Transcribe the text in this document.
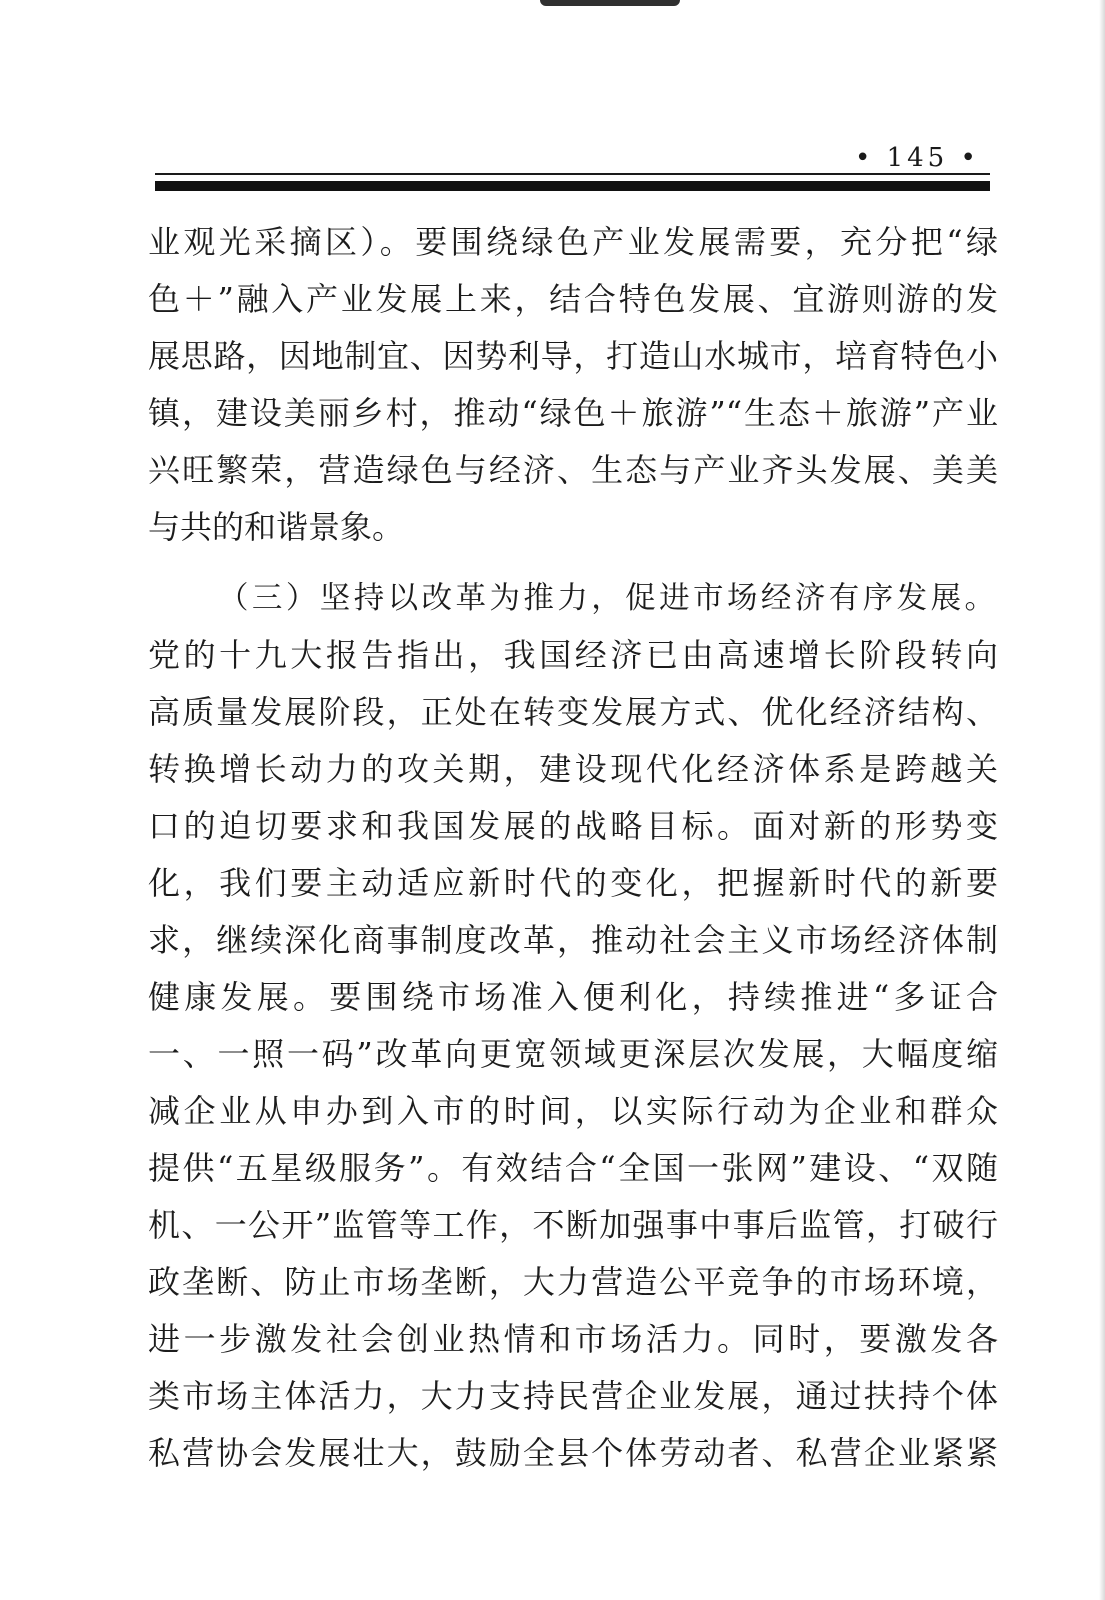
• 145 •
业观光采摘区）。要围绕绿色产业发展需要，充分把“绿
色＋”融入产业发展上来，结合特色发展、宜游则游的发
展思路，因地制宜、因势利导，打造山水城市，培育特色小
镇，建设美丽乡村，推动“绿色＋旅游”“生态＋旅游”产业
兴旺繁荣，营造绿色与经济、生态与产业齐头发展、美美
与共的和谐景象。
（三）坚持以改革为推力，促进市场经济有序发展。
党的十九大报告指出，我国经济已由高速增长阶段转向
高质量发展阶段，正处在转变发展方式、优化经济结构、
转换增长动力的攻关期，建设现代化经济体系是跨越关
口的迫切要求和我国发展的战略目标。面对新的形势变
化，我们要主动适应新时代的变化，把握新时代的新要
求，继续深化商事制度改革，推动社会主义市场经济体制
健康发展。要围绕市场准入便利化，持续推进“多证合
一、一照一码”改革向更宽领域更深层次发展，大幅度缩
减企业从申办到入市的时间，以实际行动为企业和群众
提供“五星级服务”。有效结合“全国一张网”建设、“双随
机、一公开”监管等工作，不断加强事中事后监管，打破行
政垄断、防止市场垄断，大力营造公平竞争的市场环境，
进一步激发社会创业热情和市场活力。同时，要激发各
类市场主体活力，大力支持民营企业发展，通过扶持个体
私营协会发展壮大，鼓励全县个体劳动者、私营企业紧紧
